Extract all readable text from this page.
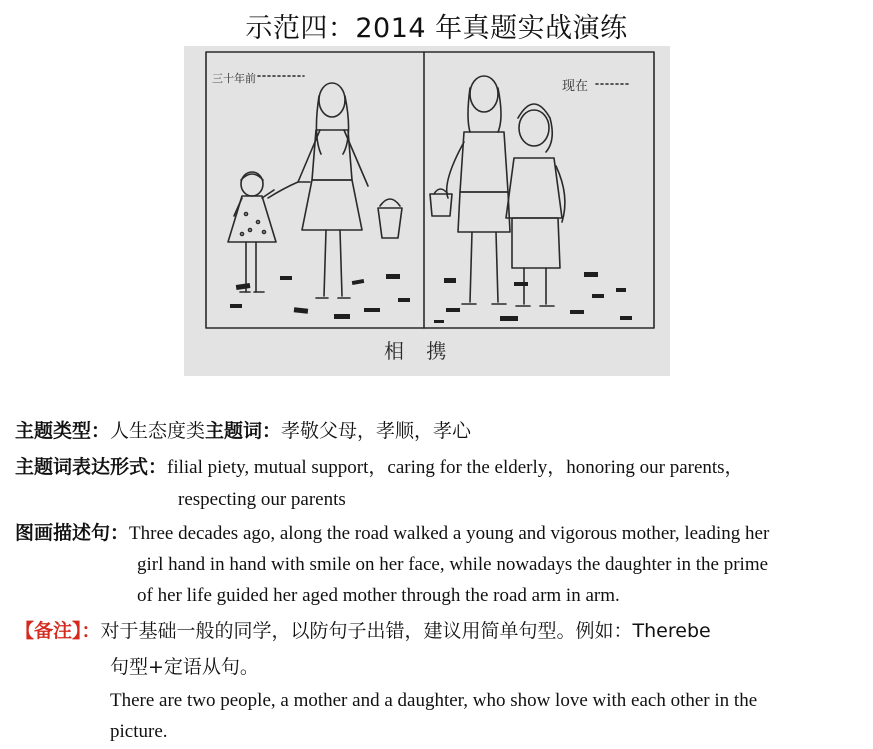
示范四：2014 年真题实战演练
三十年前
现在
相 携
主题类型：人生态度类主题词：孝敬父母，孝顺，孝心
主题词表达形式：filial piety, mutual support，caring for the elderly，honoring our parents，
respecting our parents
图画描述句：Three decades ago, along the road walked a young and vigorous mother, leading her
girl hand in hand with smile on her face, while nowadays the daughter in the prime
of her life guided her aged mother through the road arm in arm.
【备注】：对于基础一般的同学，以防句子出错，建议用简单句型。例如：Therebe
句型+定语从句。
There are two people, a mother and a daughter, who show love with each other in the
picture.
